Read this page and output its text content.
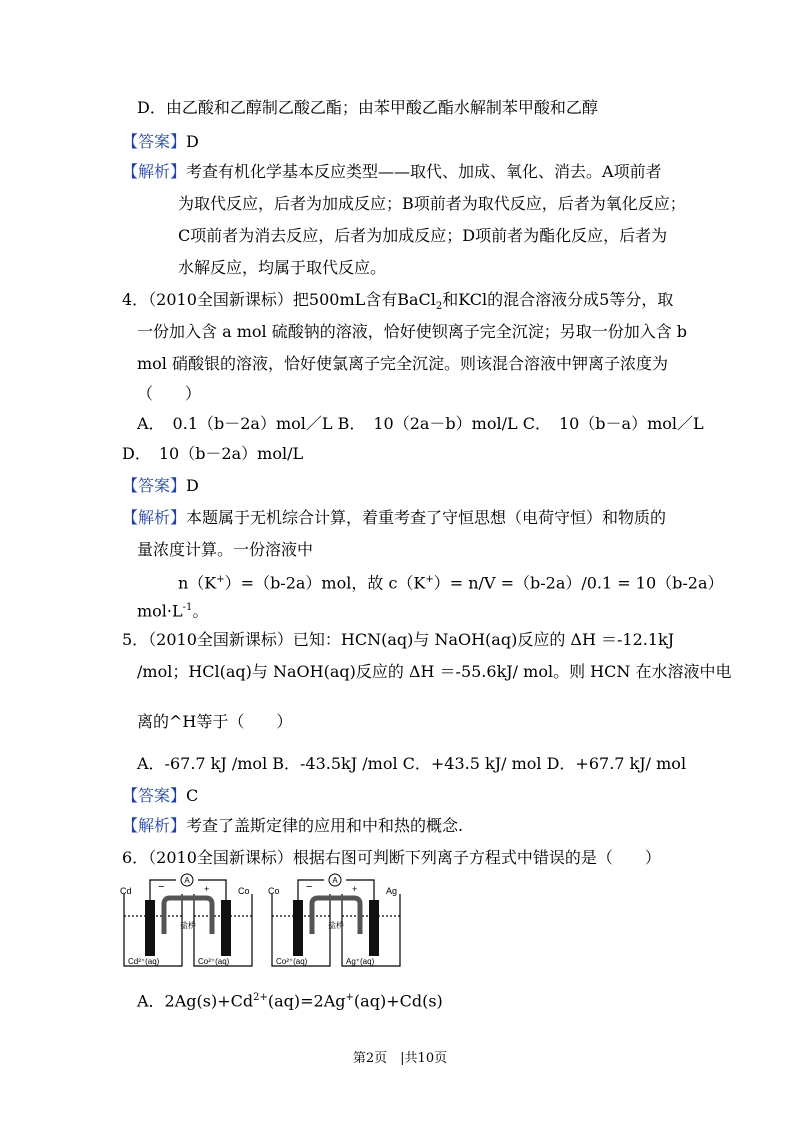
D．由乙酸和乙醇制乙酸乙酯；由苯甲酸乙酯水解制苯甲酸和乙醇
【答案】D
【解析】考查有机化学基本反应类型——取代、加成、氧化、消去。A项前者
为取代反应，后者为加成反应；B项前者为取代反应，后者为氧化反应；
C项前者为消去反应，后者为加成反应；D项前者为酯化反应，后者为
水解反应，均属于取代反应。
4．（2010全国新课标）把500mL含有BaCl$_2$和KCl的混合溶液分成5等分，取
一份加入含 a mol 硫酸钠的溶液，恰好使钡离子完全沉淀；另取一份加入含 b
mol 硝酸银的溶液，恰好使氯离子完全沉淀。则该混合溶液中钾离子浓度为
（　　）
A．　0.1（b－2a）mol／L B．　10（2a－b）mol/L C．　10（b－a）mol／L
D．　10（b－2a）mol/L
【答案】D
【解析】本题属于无机综合计算，着重考查了守恒思想（电荷守恒）和物质的
量浓度计算。一份溶液中
n（K+）=（b-2a）mol，故 c（K+）= n/V =（b-2a）/0.1 = 10（b-2a）
$mol\cdot L^{-1}$。
5．（2010全国新课标）已知：HCN(aq)与 NaOH(aq)反应的 ΔH ＝-12.1kJ
/mol；HCl(aq)与 NaOH(aq)反应的 ΔH ＝-55.6kJ/ mol。则 HCN 在水溶液中电
离的^H等于（　　）
A．-67.7 kJ /mol B．-43.5kJ /mol C．+43.5 kJ/ mol D．+67.7 kJ/ mol
【答案】C
【解析】考查了盖斯定律的应用和中和热的概念.
6．（2010全国新课标）根据右图可判断下列离子方程式中错误的是（　　）
A
Cd	Co
−	+
盐桥
Cd²⁺(aq)	Co²⁺(aq)
A
Co	Ag
−	+
盐桥
Co²⁺(aq)	Ag⁺(aq)
A．$2Ag(s)+Cd^{2+}(aq)=2Ag^+(aq)+Cd(s)$
第2页　|共10页
